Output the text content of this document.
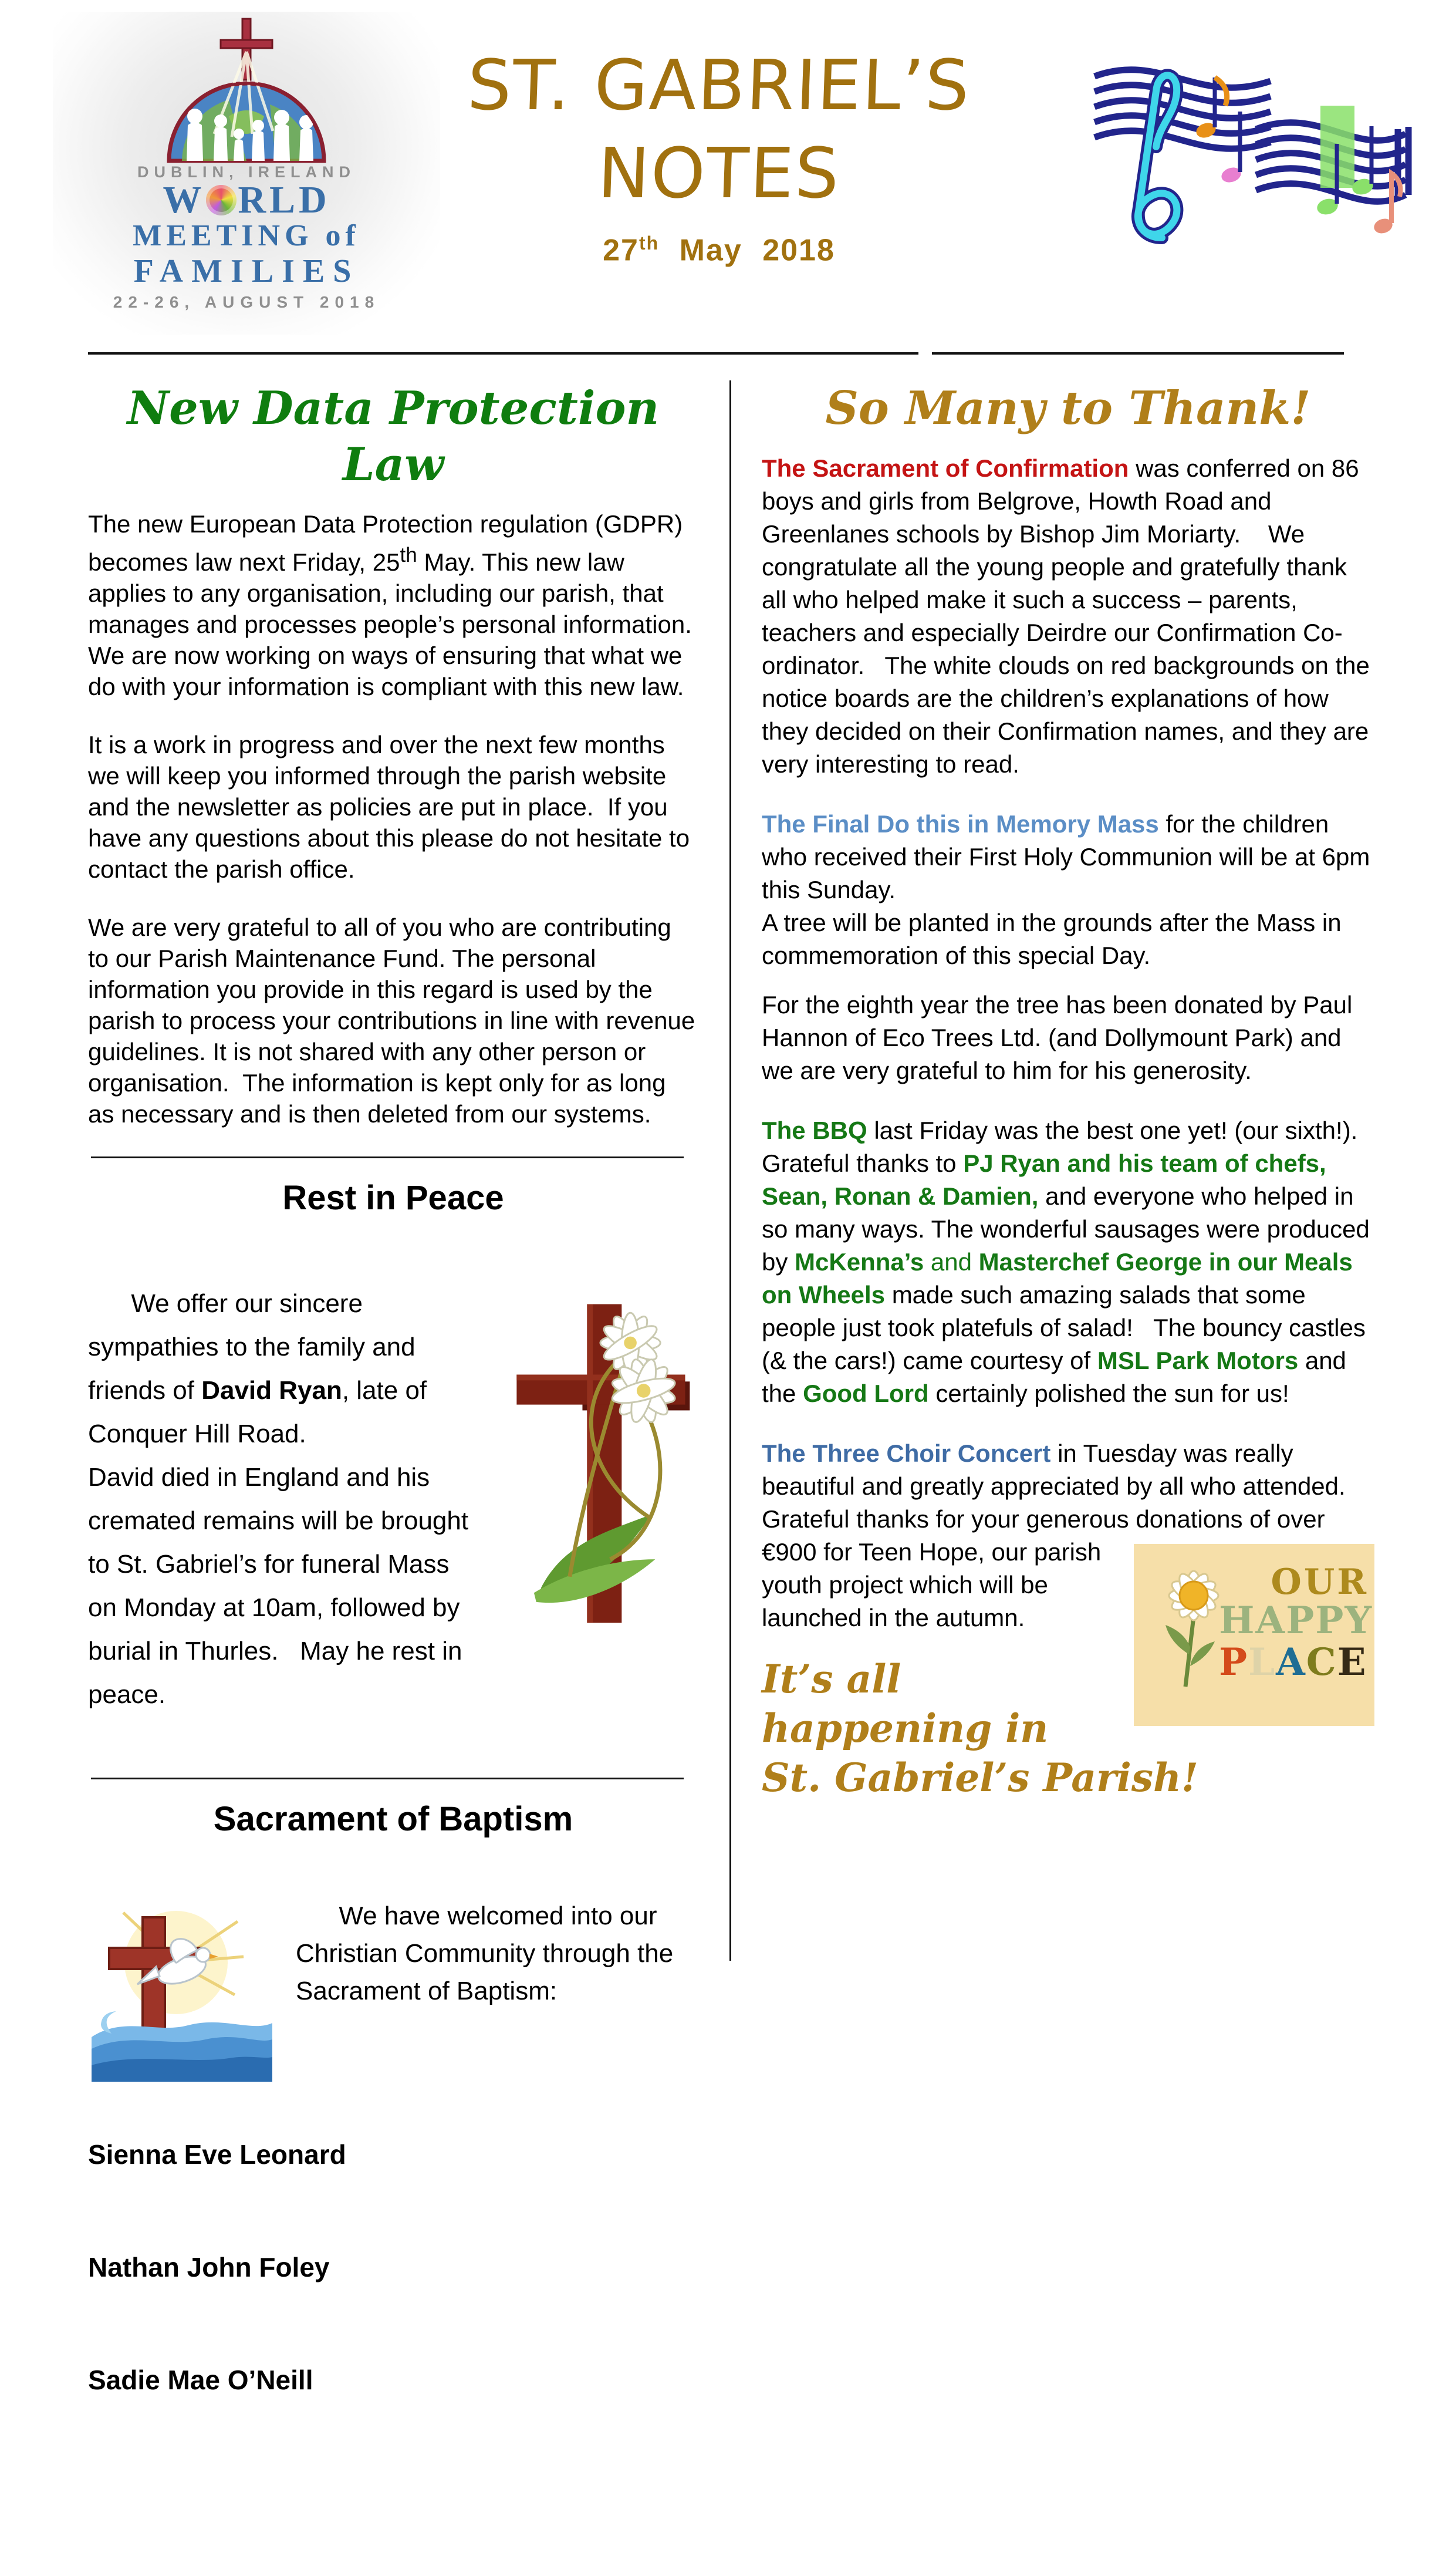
DUBLIN, IRELAND
W RLD
MEETING of
FAMILIES
22-26, AUGUST 2018
ST. GABRIEL’S
NOTES
27th May 2018
New Data Protection Law

The new European Data Protection regulation (GDPR) becomes law next Friday, 25th May. This new law applies to any organisation, including our parish, that manages and processes people’s personal information.
We are now working on ways of ensuring that what we do with your information is compliant with this new law.

It is a work in progress and over the next few months we will keep you informed through the parish website and the newsletter as policies are put in place.  If you have any questions about this please do not hesitate to contact the parish office.

We are very grateful to all of you who are contributing to our Parish Maintenance Fund. The personal information you provide in this regard is used by the parish to process your contributions in line with revenue guidelines. It is not shared with any other person or organisation.  The information is kept only for as long as necessary and is then deleted from our systems.

Rest in Peace

We offer our sincere sympathies to the family and friends of David Ryan, late of Conquer Hill Road.
David died in England and his cremated remains will be brought to St. Gabriel’s for funeral Mass on Monday at 10am, followed by burial in Thurles.   May he rest in peace.

Sacrament of Baptism

We have welcomed into our Christian Community through the Sacrament of Baptism:

Sienna Eve Leonard

Nathan John Foley

Sadie Mae O’Neill

So Many to Thank!

The Sacrament of Confirmation was conferred on 86 boys and girls from Belgrove, Howth Road and Greenlanes schools by Bishop Jim Moriarty.    We congratulate all the young people and gratefully thank all who helped make it such a success – parents, teachers and especially Deirdre our Confirmation Co-ordinator.   The white clouds on red backgrounds on the notice boards are the children’s explanations of how they decided on their Confirmation names, and they are very interesting to read.

The Final Do this in Memory Mass for the children who received their First Holy Communion will be at 6pm this Sunday.
A tree will be planted in the grounds after the Mass in commemoration of this special Day.

For the eighth year the tree has been donated by Paul Hannon of Eco Trees Ltd. (and Dollymount Park) and we are very grateful to him for his generosity.

The BBQ last Friday was the best one yet! (our sixth!). Grateful thanks to PJ Ryan and his team of chefs, Sean, Ronan & Damien, and everyone who helped in so many ways. The wonderful sausages were produced by McKenna’s and Masterchef George in our Meals on Wheels made such amazing salads that some people just took platefuls of salad!   The bouncy castles (& the cars!) came courtesy of MSL Park Motors and the Good Lord certainly polished the sun for us!

The Three Choir Concert in Tuesday was really beautiful and greatly appreciated by all who attended.   Grateful thanks for your generous donations of over €900 for Teen
OUR
HAPPY
PLACE
Hope, our parish youth project which will be launched in the autumn.

It’s all happening in
St. Gabriel’s Parish!
